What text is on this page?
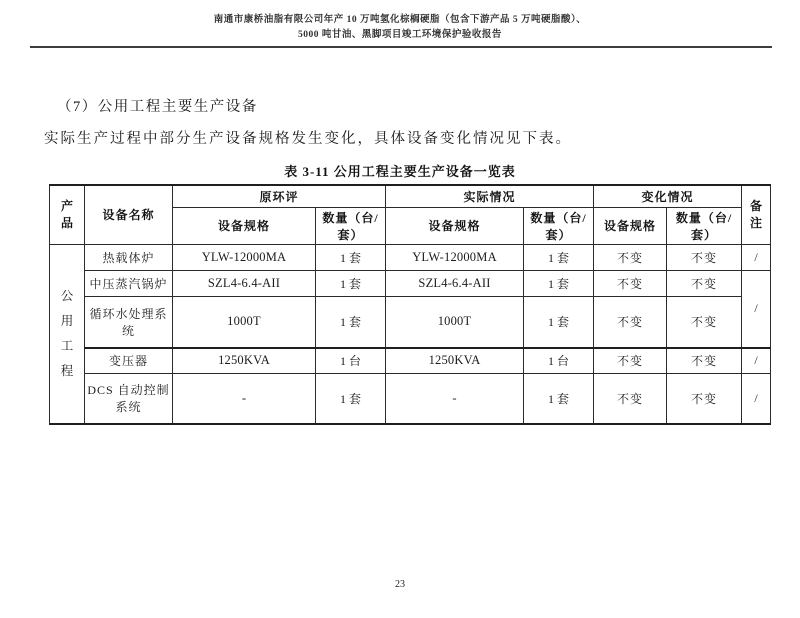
南通市康桥油脂有限公司年产 10 万吨氢化棕榈硬脂（包含下游产品 5 万吨硬脂酸）、
5000 吨甘油、黑脚项目竣工环境保护验收报告
（7）公用工程主要生产设备
实际生产过程中部分生产设备规格发生变化，具体设备变化情况见下表。
表 3-11 公用工程主要生产设备一览表
产品	设备名称	原环评		实际情况		变化情况		备注

		设备规格	数量（台/套）	设备规格	数量（台/套）	设备规格	数量（台/套）	

公用工程	热载体炉	YLW-12000MA	1 套	YLW-12000MA	1 套	不变	不变	/
	中压蒸汽锅炉	SZL4-6.4-AII	1 套	SZL4-6.4-AII	1 套	不变	不变	/
	循环水处理系统	1000T	1 套	1000T	1 套	不变	不变	
	变压器	1250KVA	1 台	1250KVA	1 台	不变	不变	/
	DCS 自动控制系统	-	1 套	-	1 套	不变	不变	/
23
